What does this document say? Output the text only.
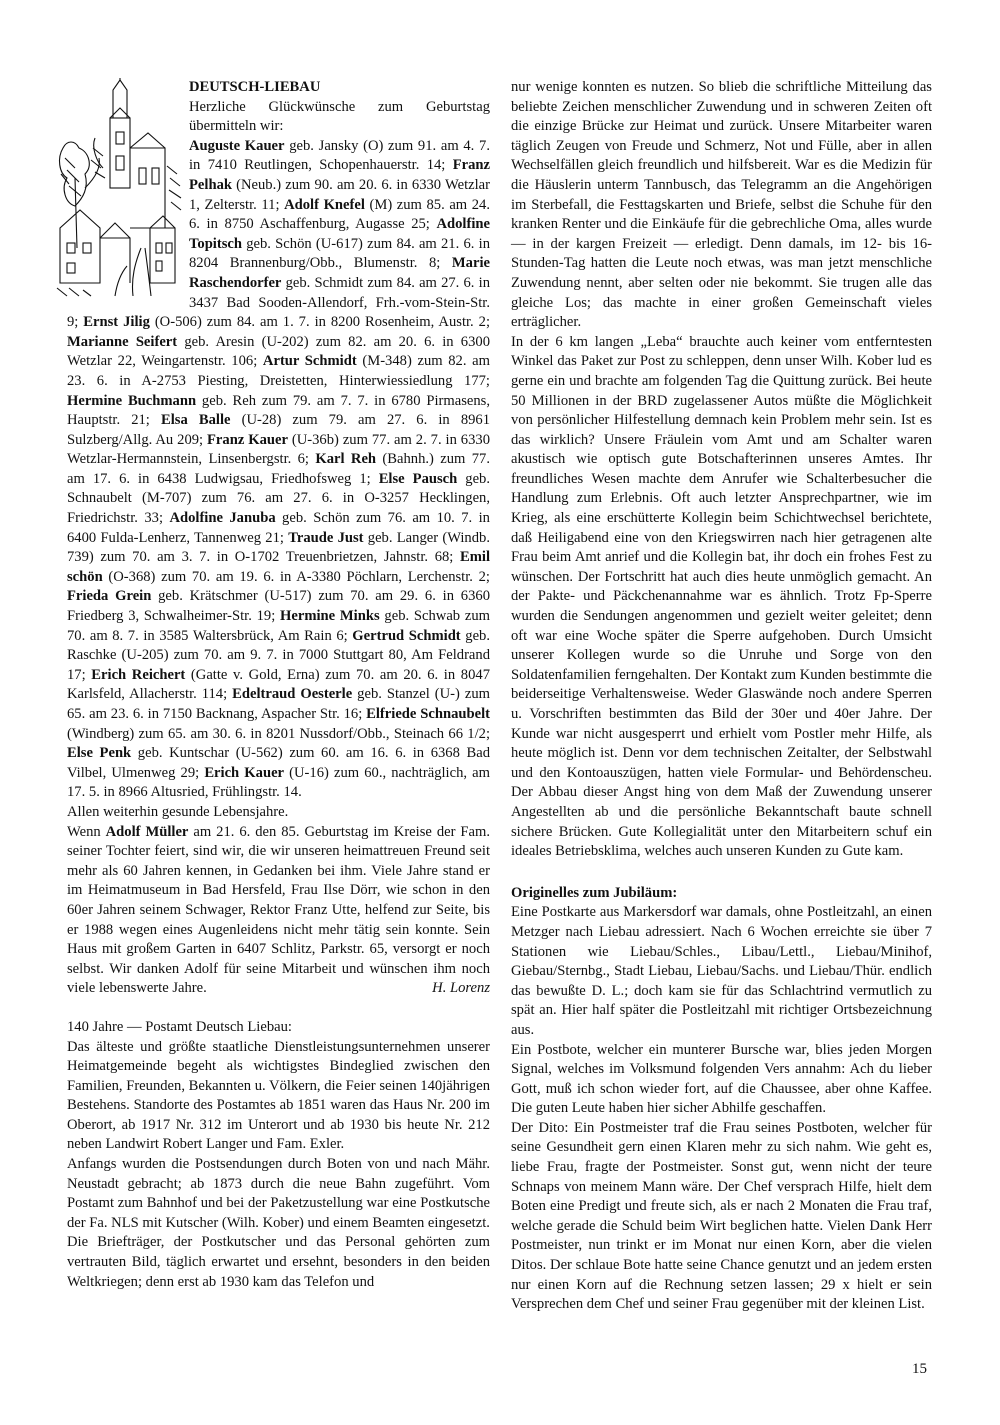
DEUTSCH-LIEBAU

Herzliche Glückwünsche zum Geburtstag übermitteln wir:

Auguste Kauer geb. Jansky (O) zum 91. am 4. 7. in 7410 Reutlingen, Schopenhauerstr. 14; Franz Pelhak (Neub.) zum 90. am 20. 6. in 6330 Wetzlar 1, Zelterstr. 11; Adolf Knefel (M) zum 85. am 24. 6. in 8750 Aschaffenburg, Augasse 25; Adolfine Topitsch geb. Schön (U-617) zum 84. am 21. 6. in 8204 Brannenburg/Obb., Blumenstr. 8; Marie Raschendorfer geb. Schmidt zum 84. am 27. 6. in 3437 Bad Sooden-Allendorf, Frh.-vom-Stein-Str. 9; Ernst Jilig (O-506) zum 84. am 1. 7. in 8200 Rosenheim, Austr. 2; Marianne Seifert geb. Aresin (U-202) zum 82. am 20. 6. in 6300 Wetzlar 22, Weingartenstr. 106; Artur Schmidt (M-348) zum 82. am 23. 6. in A-2753 Piesting, Dreistetten, Hinterwiessiedlung 177; Hermine Buchmann geb. Reh zum 79. am 7. 7. in 6780 Pirmasens, Hauptstr. 21; Elsa Balle (U-28) zum 79. am 27. 6. in 8961 Sulzberg/Allg. Au 209; Franz Kauer (U-36b) zum 77. am 2. 7. in 6330 Wetzlar-Hermannstein, Linsenbergstr. 6; Karl Reh (Bahnh.) zum 77. am 17. 6. in 6438 Ludwigsau, Friedhofsweg 1; Else Pausch geb. Schnaubelt (M-707) zum 76. am 27. 6. in O-3257 Hecklingen, Friedrichstr. 33; Adolfine Januba geb. Schön zum 76. am 10. 7. in 6400 Fulda-Lenherz, Tannenweg 21; Traude Just geb. Langer (Windb. 739) zum 70. am 3. 7. in O-1702 Treuenbrietzen, Jahnstr. 68; Emil schön (O-368) zum 70. am 19. 6. in A-3380 Pöchlarn, Lerchenstr. 2; Frieda Grein geb. Krätschmer (U-517) zum 70. am 29. 6. in 6360 Friedberg 3, Schwalheimer-Str. 19; Hermine Minks geb. Schwab zum 70. am 8. 7. in 3585 Waltersbrück, Am Rain 6; Gertrud Schmidt geb. Raschke (U-205) zum 70. am 9. 7. in 7000 Stuttgart 80, Am Feldrand 17; Erich Reichert (Gatte v. Gold, Erna) zum 70. am 20. 6. in 8047 Karlsfeld, Allacherstr. 114; Edeltraud Oesterle geb. Stanzel (U-) zum 65. am 23. 6. in 7150 Backnang, Aspacher Str. 16; Elfriede Schnaubelt (Windberg) zum 65. am 30. 6. in 8201 Nussdorf/Obb., Steinach 66 1/2; Else Penk geb. Kuntschar (U-562) zum 60. am 16. 6. in 6368 Bad Vilbel, Ulmenweg 29; Erich Kauer (U-16) zum 60., nachträglich, am 17. 5. in 8966 Altusried, Frühlingstr. 14.

Allen weiterhin gesunde Lebensjahre.

Wenn Adolf Müller am 21. 6. den 85. Geburtstag im Kreise der Fam. seiner Tochter feiert, sind wir, die wir unseren heimattreuen Freund seit mehr als 60 Jahren kennen, in Gedanken bei ihm. Viele Jahre stand er im Heimatmuseum in Bad Hersfeld, Frau Ilse Dörr, wie schon in den 60er Jahren seinem Schwager, Rektor Franz Utte, helfend zur Seite, bis er 1988 wegen eines Augenleidens nicht mehr tätig sein konnte. Sein Haus mit großem Garten in 6407 Schlitz, Parkstr. 65, versorgt er noch selbst. Wir danken Adolf für seine Mitarbeit und wünschen ihm noch viele lebenswerte Jahre.	H. Lorenz

140 Jahre — Postamt Deutsch Liebau:

Das älteste und größte staatliche Dienstleistungsunternehmen unserer Heimatgemeinde begeht als wichtigstes Bindeglied zwischen den Familien, Freunden, Bekannten u. Völkern, die Feier seinen 140jährigen Bestehens. Standorte des Postamtes ab 1851 waren das Haus Nr. 200 im Oberort, ab 1917 Nr. 312 im Unterort und ab 1930 bis heute Nr. 212 neben Landwirt Robert Langer und Fam. Exler.

Anfangs wurden die Postsendungen durch Boten von und nach Mähr. Neustadt gebracht; ab 1873 durch die neue Bahn zugeführt. Vom Postamt zum Bahnhof und bei der Paketzustellung war eine Postkutsche der Fa. NLS mit Kutscher (Wilh. Kober) und einem Beamten eingesetzt.

Die Briefträger, der Postkutscher und das Personal gehörten zum vertrauten Bild, täglich erwartet und ersehnt, besonders in den beiden Weltkriegen; denn erst ab 1930 kam das Telefon und

nur wenige konnten es nutzen. So blieb die schriftliche Mitteilung das beliebte Zeichen menschlicher Zuwendung und in schweren Zeiten oft die einzige Brücke zur Heimat und zurück. Unsere Mitarbeiter waren täglich Zeugen von Freude und Schmerz, Not und Fülle, aber in allen Wechselfällen gleich freundlich und hilfsbereit. War es die Medizin für die Häuslerin unterm Tannbusch, das Telegramm an die Angehörigen im Sterbefall, die Festtagskarten und Briefe, selbst die Schuhe für den kranken Renter und die Einkäufe für die gebrechliche Oma, alles wurde — in der kargen Freizeit — erledigt. Denn damals, im 12- bis 16-Stunden-Tag hatten die Leute noch etwas, was man jetzt menschliche Zuwendung nennt, aber selten oder nie bekommt. Sie trugen alle das gleiche Los; das machte in einer großen Gemeinschaft vieles erträglicher.

In der 6 km langen „Leba“ brauchte auch keiner vom entferntesten Winkel das Paket zur Post zu schleppen, denn unser Wilh. Kober lud es gerne ein und brachte am folgenden Tag die Quittung zurück. Bei heute 50 Millionen in der BRD zugelassener Autos müßte die Möglichkeit von persönlicher Hilfestellung demnach kein Problem mehr sein. Ist es das wirklich? Unsere Fräulein vom Amt und am Schalter waren akustisch wie optisch gute Botschafterinnen unseres Amtes. Ihr freundliches Wesen machte dem Anrufer wie Schalterbesucher die Handlung zum Erlebnis. Oft auch letzter Ansprechpartner, wie im Krieg, als eine erschütterte Kollegin beim Schichtwechsel berichtete, daß Heiligabend eine von den Kriegswirren nach hier getragenen alte Frau beim Amt anrief und die Kollegin bat, ihr doch ein frohes Fest zu wünschen. Der Fortschritt hat auch dies heute unmöglich gemacht. An der Pakte- und Päckchenannahme war es ähnlich. Trotz Fp-Sperre wurden die Sendungen angenommen und gezielt weiter geleitet; denn oft war eine Woche später die Sperre aufgehoben. Durch Umsicht unserer Kollegen wurde so die Unruhe und Sorge von den Soldatenfamilien ferngehalten. Der Kontakt zum Kunden bestimmte die beiderseitige Verhaltensweise. Weder Glaswände noch andere Sperren u. Vorschriften bestimmten das Bild der 30er und 40er Jahre. Der Kunde war nicht ausgesperrt und erhielt vom Postler mehr Hilfe, als heute möglich ist. Denn vor dem technischen Zeitalter, der Selbstwahl und den Kontoauszügen, hatten viele Formular- und Behördenscheu. Der Abbau dieser Angst hing von dem Maß der Zuwendung unserer Angestellten ab und die persönliche Bekanntschaft baute schnell sichere Brücken. Gute Kollegialität unter den Mitarbeitern schuf ein ideales Betriebsklima, welches auch unseren Kunden zu Gute kam.

Originelles zum Jubiläum:

Eine Postkarte aus Markersdorf war damals, ohne Postleitzahl, an einen Metzger nach Liebau adressiert. Nach 6 Wochen erreichte sie über 7 Stationen wie Liebau/Schles., Libau/Lettl., Liebau/Minihof, Giebau/Sternbg., Stadt Liebau, Liebau/Sachs. und Liebau/Thür. endlich das bewußte D. L.; doch kam sie für das Schlachtrind vermutlich zu spät an. Hier half später die Postleitzahl mit richtiger Ortsbezeichnung aus.

Ein Postbote, welcher ein munterer Bursche war, blies jeden Morgen Signal, welches im Volksmund folgenden Vers annahm: Ach du lieber Gott, muß ich schon wieder fort, auf die Chaussee, aber ohne Kaffee. Die guten Leute haben hier sicher Abhilfe geschaffen.

Der Dito: Ein Postmeister traf die Frau seines Postboten, welcher für seine Gesundheit gern einen Klaren mehr zu sich nahm. Wie geht es, liebe Frau, fragte der Postmeister. Sonst gut, wenn nicht der teure Schnaps von meinem Mann wäre. Der Chef versprach Hilfe, hielt dem Boten eine Predigt und freute sich, als er nach 2 Monaten die Frau traf, welche gerade die Schuld beim Wirt beglichen hatte. Vielen Dank Herr Postmeister, nun trinkt er im Monat nur einen Korn, aber die vielen Ditos. Der schlaue Bote hatte seine Chance genutzt und an jedem ersten nur einen Korn auf die Rechnung setzen lassen; 29 x hielt er sein Versprechen dem Chef und seiner Frau gegenüber mit der kleinen List.

15
